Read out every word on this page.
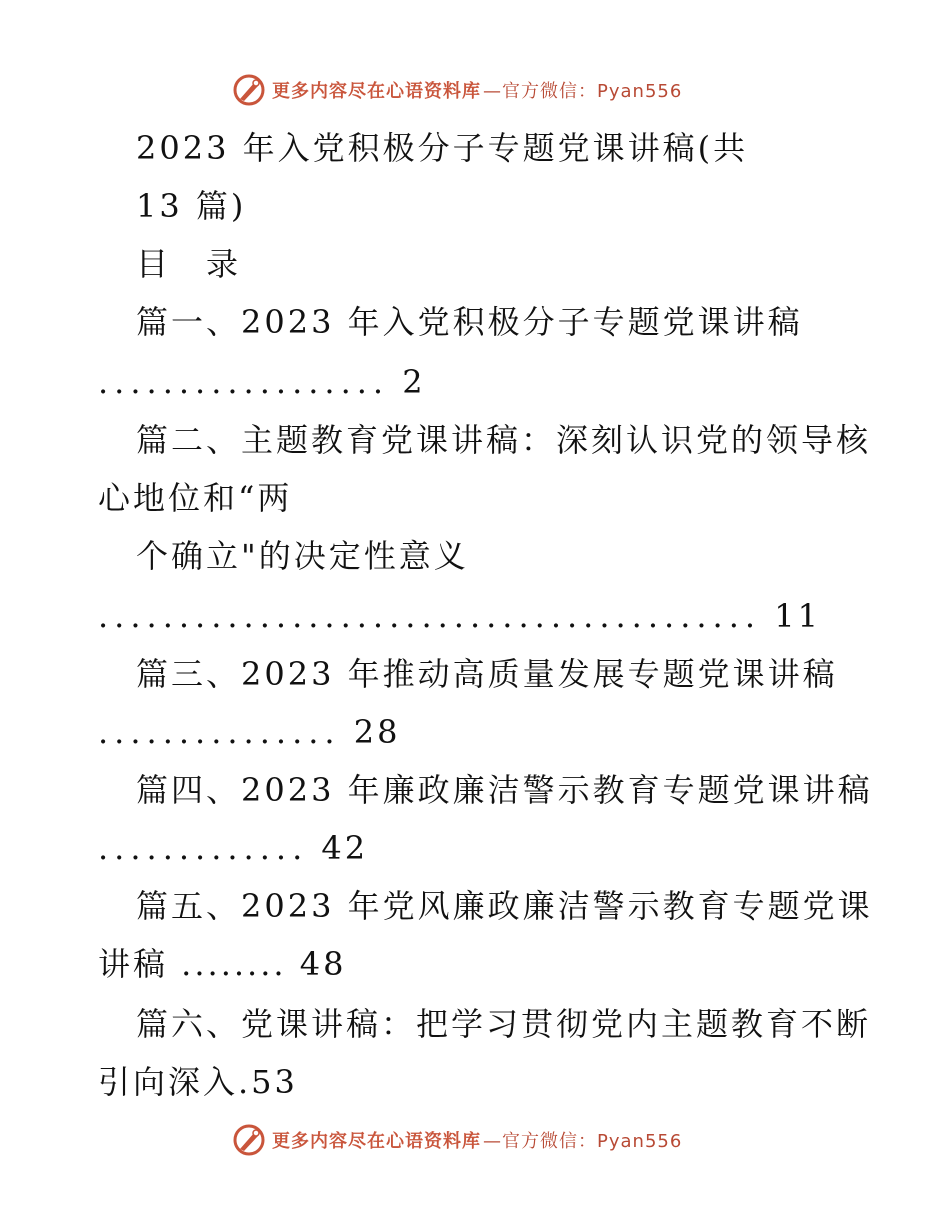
更多内容尽在心语资料库 —官方微信：Pyan556
2023 年入党积极分子专题党课讲稿(共
13 篇)
目　录
篇一、2023 年入党积极分子专题党课讲稿
.................. 2
篇二、主题教育党课讲稿：深刻认识党的领导核
心地位和“两
个确立"的决定性意义
......................................... 11
篇三、2023 年推动高质量发展专题党课讲稿
............... 28
篇四、2023 年廉政廉洁警示教育专题党课讲稿
............. 42
篇五、2023 年党风廉政廉洁警示教育专题党课
讲稿 ........ 48
篇六、党课讲稿：把学习贯彻党内主题教育不断
引向深入.53
更多内容尽在心语资料库 —官方微信：Pyan556
